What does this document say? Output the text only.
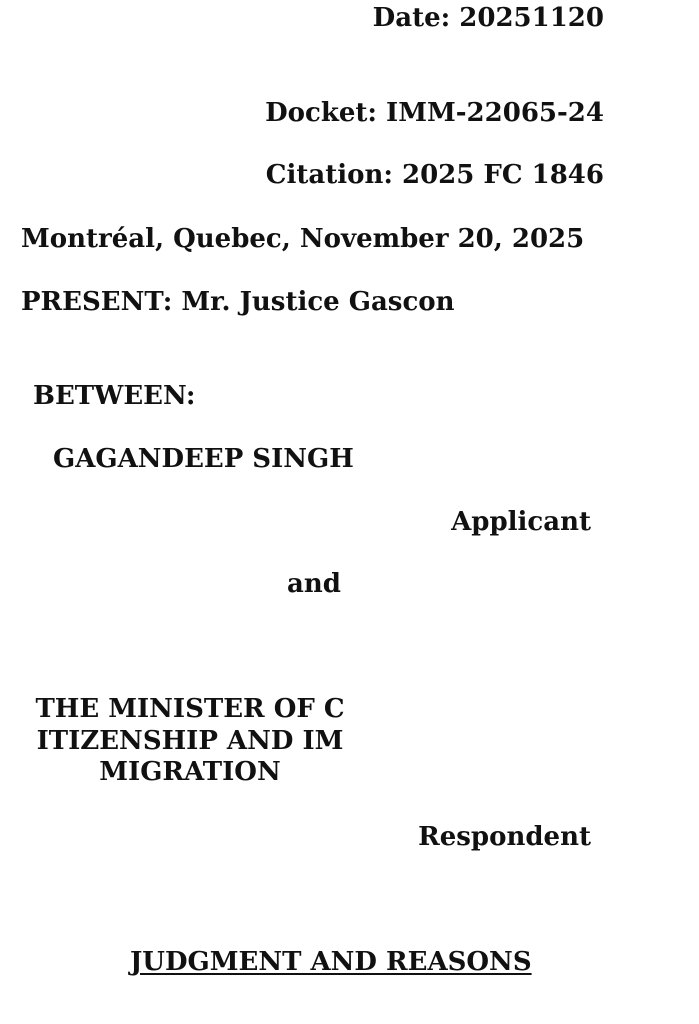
Date: 20251120
Docket: IMM-22065-24
Citation: 2025 FC 1846
Montréal, Quebec, November 20, 2025
PRESENT: Mr. Justice Gascon
BETWEEN:
GAGANDEEP SINGH
Applicant
and
THE MINISTER OF CITIZENSHIP AND IMMIGRATION
Respondent
JUDGMENT AND REASONS
